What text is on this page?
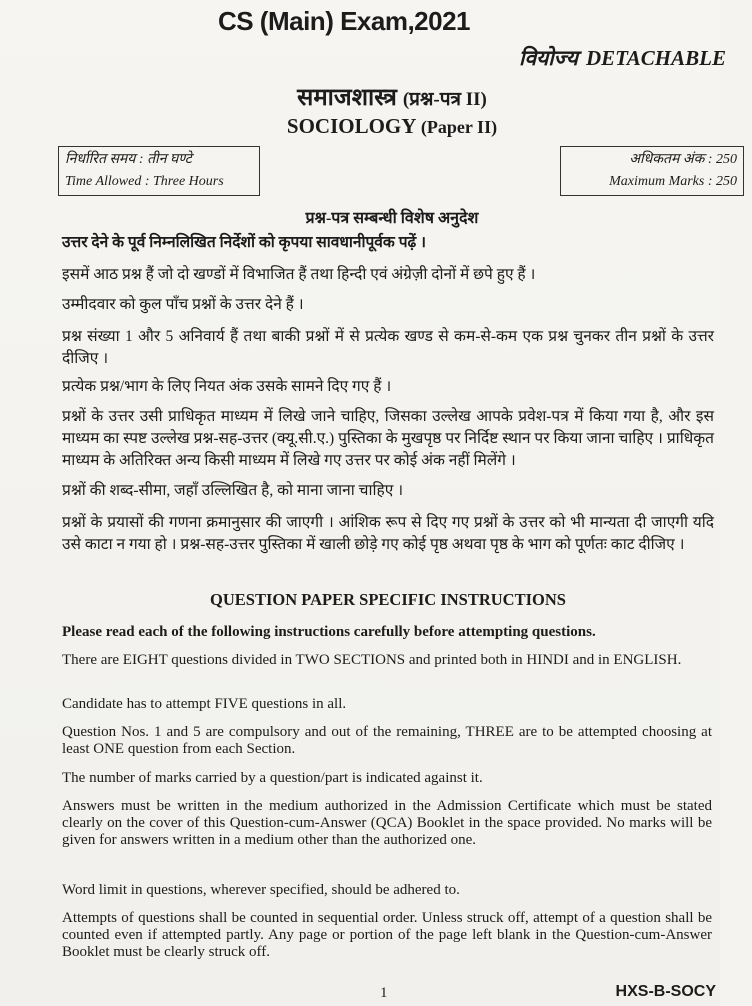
CS (Main) Exam,2021
वियोज्य DETACHABLE
समाजशास्त्र (प्रश्न-पत्र II)
SOCIOLOGY (Paper II)
निर्धारित समय : तीन घण्टे
Time Allowed : Three Hours
अधिकतम अंक : 250
Maximum Marks : 250
प्रश्न-पत्र सम्बन्धी विशेष अनुदेश
उत्तर देने के पूर्व निम्नलिखित निर्देशों को कृपया सावधानीपूर्वक पढ़ें ।
इसमें आठ प्रश्न हैं जो दो खण्डों में विभाजित हैं तथा हिन्दी एवं अंग्रेज़ी दोनों में छपे हुए हैं ।
उम्मीदवार को कुल पाँच प्रश्नों के उत्तर देने हैं ।
प्रश्न संख्या 1 और 5 अनिवार्य हैं तथा बाकी प्रश्नों में से प्रत्येक खण्ड से कम-से-कम एक प्रश्न चुनकर तीन प्रश्नों के उत्तर दीजिए ।
प्रत्येक प्रश्न/भाग के लिए नियत अंक उसके सामने दिए गए हैं ।
प्रश्नों के उत्तर उसी प्राधिकृत माध्यम में लिखे जाने चाहिए, जिसका उल्लेख आपके प्रवेश-पत्र में किया गया है, और इस माध्यम का स्पष्ट उल्लेख प्रश्न-सह-उत्तर (क्यू.सी.ए.) पुस्तिका के मुखपृष्ठ पर निर्दिष्ट स्थान पर किया जाना चाहिए । प्राधिकृत माध्यम के अतिरिक्त अन्य किसी माध्यम में लिखे गए उत्तर पर कोई अंक नहीं मिलेंगे ।
प्रश्नों की शब्द-सीमा, जहाँ उल्लिखित है, को माना जाना चाहिए ।
प्रश्नों के प्रयासों की गणना क्रमानुसार की जाएगी । आंशिक रूप से दिए गए प्रश्नों के उत्तर को भी मान्यता दी जाएगी यदि उसे काटा न गया हो । प्रश्न-सह-उत्तर पुस्तिका में खाली छोड़े गए कोई पृष्ठ अथवा पृष्ठ के भाग को पूर्णतः काट दीजिए ।
QUESTION PAPER SPECIFIC INSTRUCTIONS
Please read each of the following instructions carefully before attempting questions.
There are EIGHT questions divided in TWO SECTIONS and printed both in HINDI and in ENGLISH.
Candidate has to attempt FIVE questions in all.
Question Nos. 1 and 5 are compulsory and out of the remaining, THREE are to be attempted choosing at least ONE question from each Section.
The number of marks carried by a question/part is indicated against it.
Answers must be written in the medium authorized in the Admission Certificate which must be stated clearly on the cover of this Question-cum-Answer (QCA) Booklet in the space provided. No marks will be given for answers written in a medium other than the authorized one.
Word limit in questions, wherever specified, should be adhered to.
Attempts of questions shall be counted in sequential order. Unless struck off, attempt of a question shall be counted even if attempted partly. Any page or portion of the page left blank in the Question-cum-Answer Booklet must be clearly struck off.
1	HXS-B-SOCY
